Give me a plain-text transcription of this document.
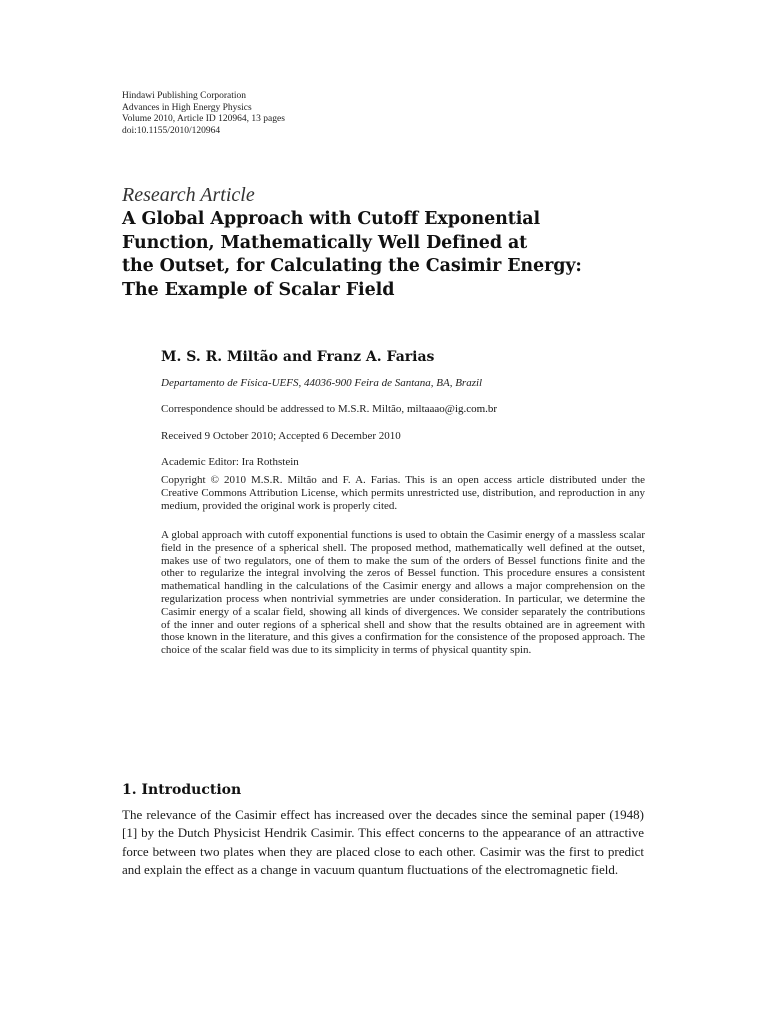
Hindawi Publishing Corporation
Advances in High Energy Physics
Volume 2010, Article ID 120964, 13 pages
doi:10.1155/2010/120964
Research Article
A Global Approach with Cutoff Exponential
Function, Mathematically Well Defined at
the Outset, for Calculating the Casimir Energy:
The Example of Scalar Field
M. S. R. Miltão and Franz A. Farias
Departamento de Física-UEFS, 44036-900 Feira de Santana, BA, Brazil
Correspondence should be addressed to M.S.R. Miltão, miltaaao@ig.com.br
Received 9 October 2010; Accepted 6 December 2010
Academic Editor: Ira Rothstein
Copyright © 2010 M.S.R. Miltão and F. A. Farias. This is an open access article distributed under the Creative Commons Attribution License, which permits unrestricted use, distribution, and reproduction in any medium, provided the original work is properly cited.
A global approach with cutoff exponential functions is used to obtain the Casimir energy of a massless scalar field in the presence of a spherical shell. The proposed method, mathematically well defined at the outset, makes use of two regulators, one of them to make the sum of the orders of Bessel functions finite and the other to regularize the integral involving the zeros of Bessel function. This procedure ensures a consistent mathematical handling in the calculations of the Casimir energy and allows a major comprehension on the regularization process when nontrivial symmetries are under consideration. In particular, we determine the Casimir energy of a scalar field, showing all kinds of divergences. We consider separately the contributions of the inner and outer regions of a spherical shell and show that the results obtained are in agreement with those known in the literature, and this gives a confirmation for the consistence of the proposed approach. The choice of the scalar field was due to its simplicity in terms of physical quantity spin.
1. Introduction
The relevance of the Casimir effect has increased over the decades since the seminal paper (1948) [1] by the Dutch Physicist Hendrik Casimir. This effect concerns to the appearance of an attractive force between two plates when they are placed close to each other. Casimir was the first to predict and explain the effect as a change in vacuum quantum fluctuations of the electromagnetic field.
